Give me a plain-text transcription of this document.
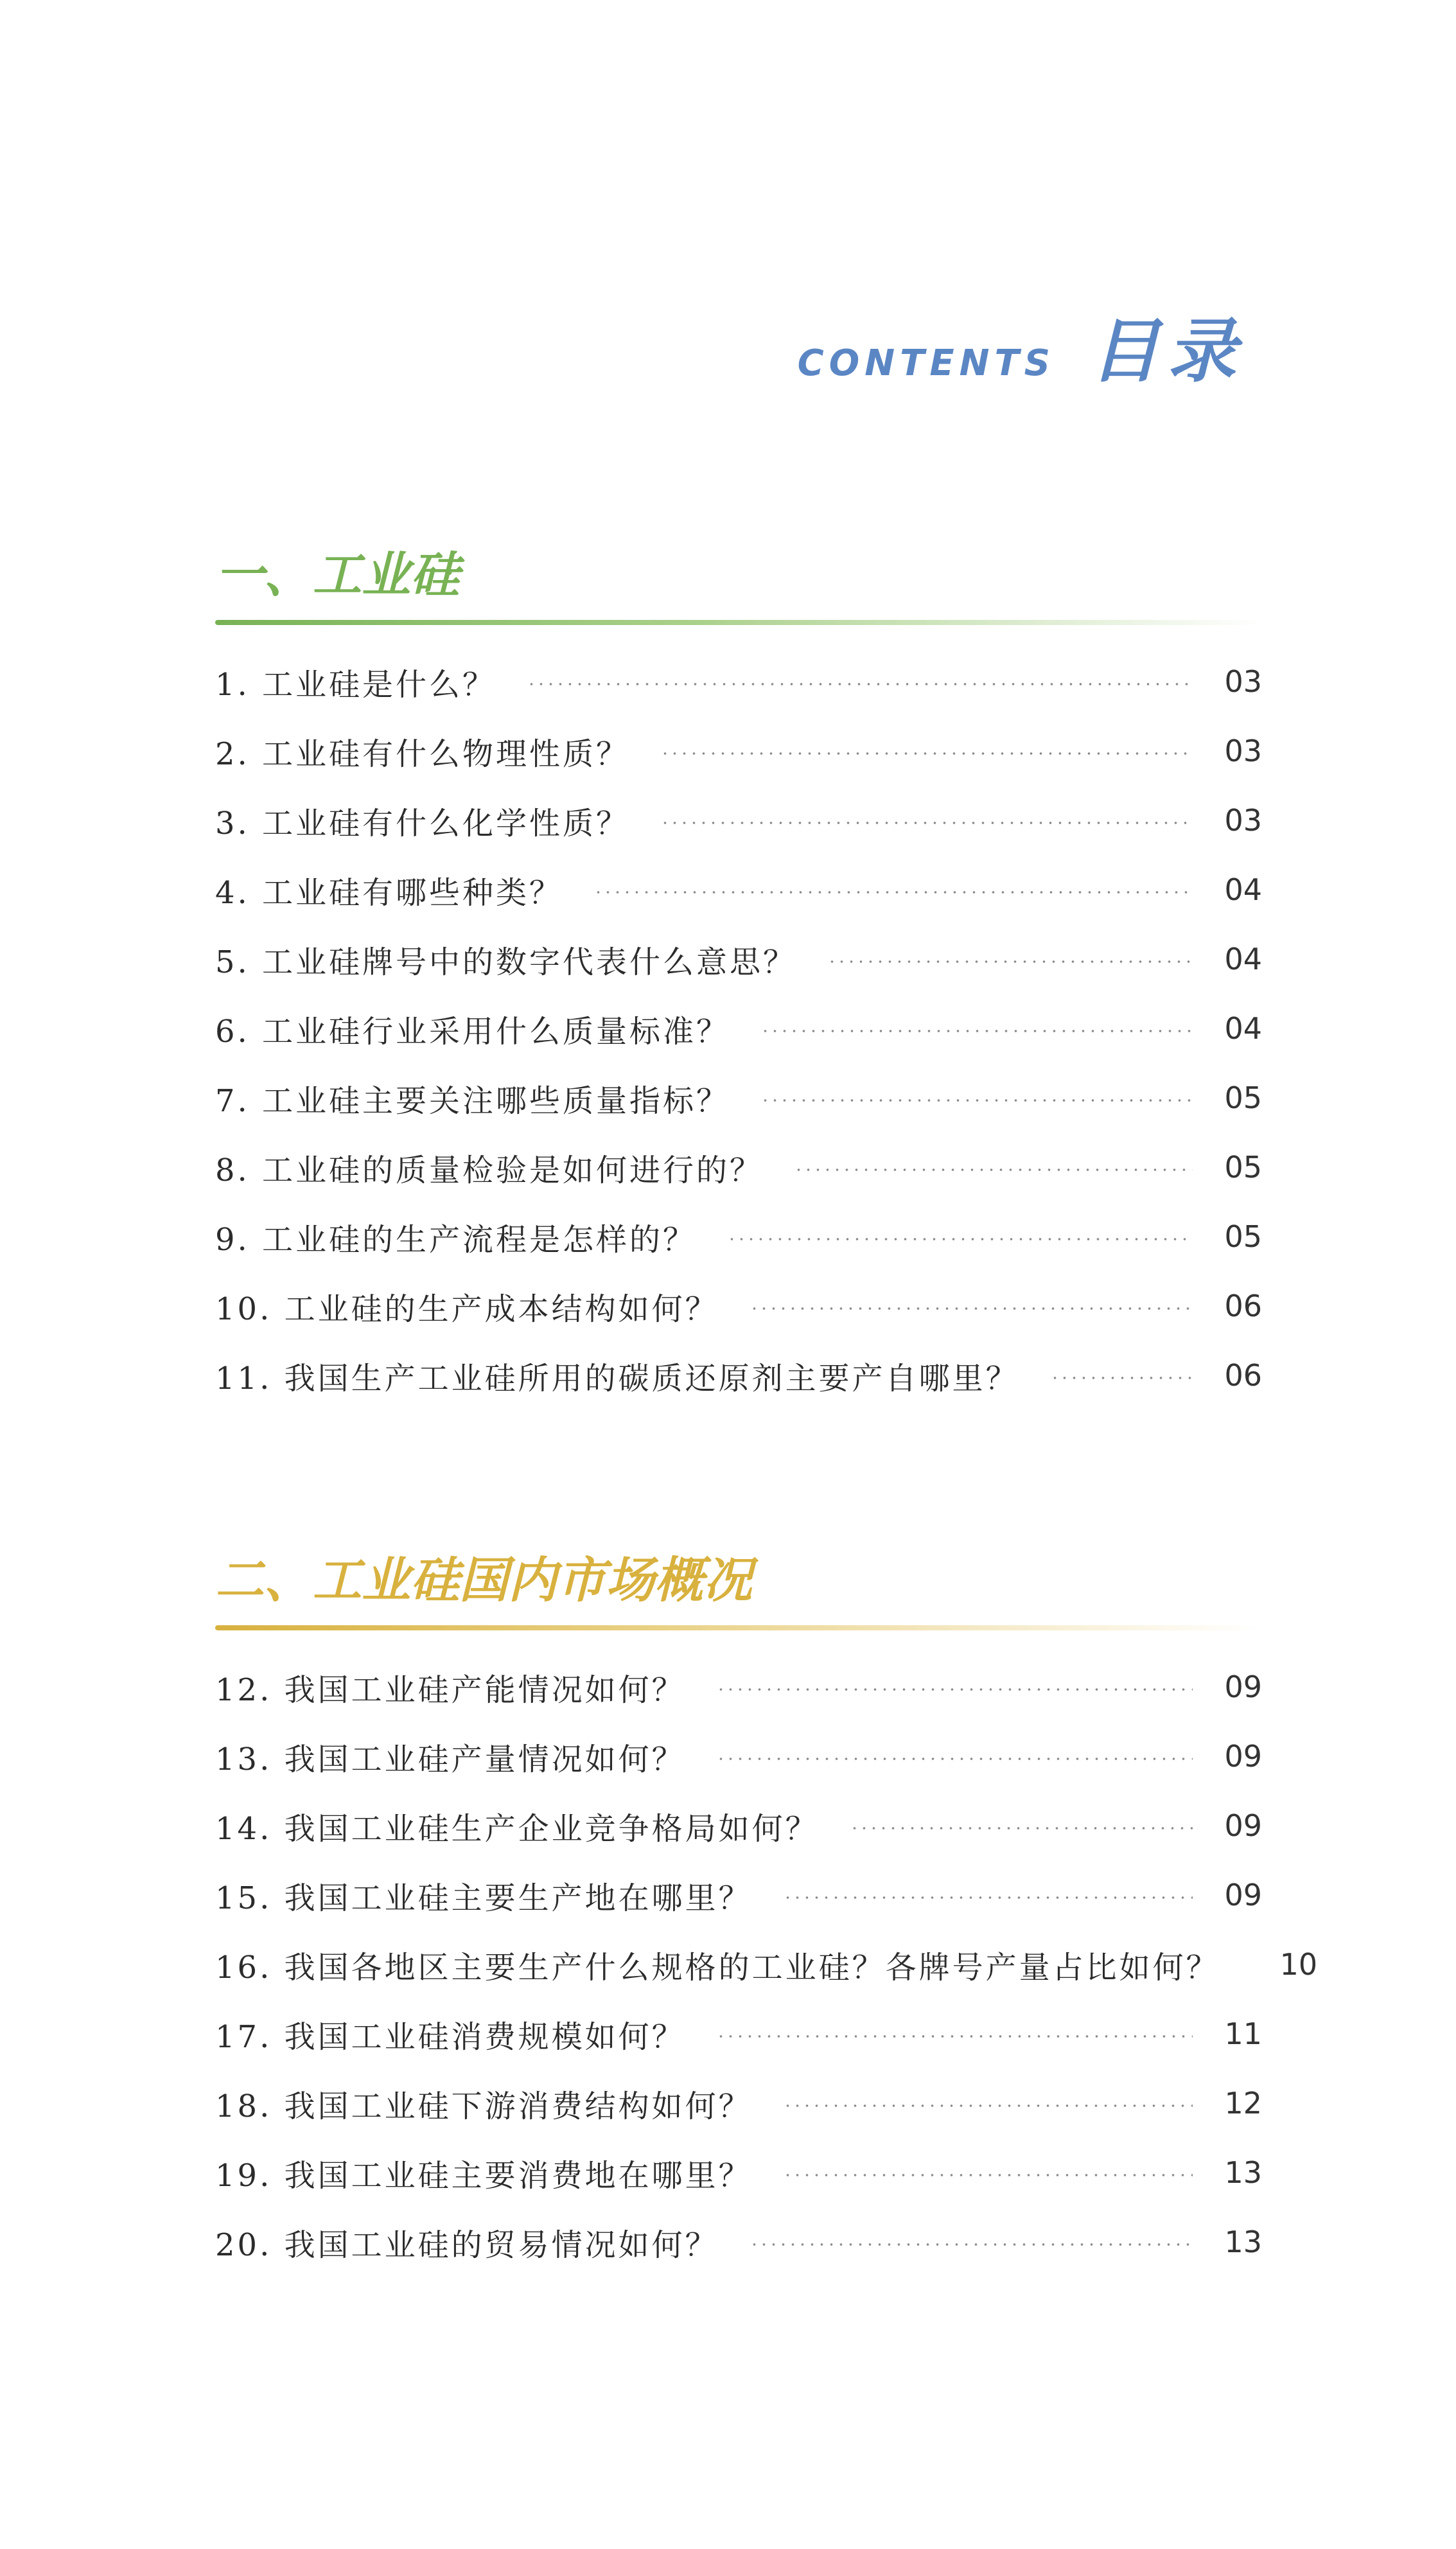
CONTENTS 目录
一、工业硅
1. 工业硅是什么？	03
2. 工业硅有什么物理性质？	03
3. 工业硅有什么化学性质？	03
4. 工业硅有哪些种类？	04
5. 工业硅牌号中的数字代表什么意思？	04
6. 工业硅行业采用什么质量标准？	04
7. 工业硅主要关注哪些质量指标？	05
8. 工业硅的质量检验是如何进行的？	05
9. 工业硅的生产流程是怎样的？	05
10. 工业硅的生产成本结构如何？	06
11. 我国生产工业硅所用的碳质还原剂主要产自哪里？	06
二、工业硅国内市场概况
12. 我国工业硅产能情况如何？	09
13. 我国工业硅产量情况如何？	09
14. 我国工业硅生产企业竞争格局如何？	09
15. 我国工业硅主要生产地在哪里？	09
16. 我国各地区主要生产什么规格的工业硅？各牌号产量占比如何？ 10
17. 我国工业硅消费规模如何？	11
18. 我国工业硅下游消费结构如何？	12
19. 我国工业硅主要消费地在哪里？	13
20. 我国工业硅的贸易情况如何？	13
